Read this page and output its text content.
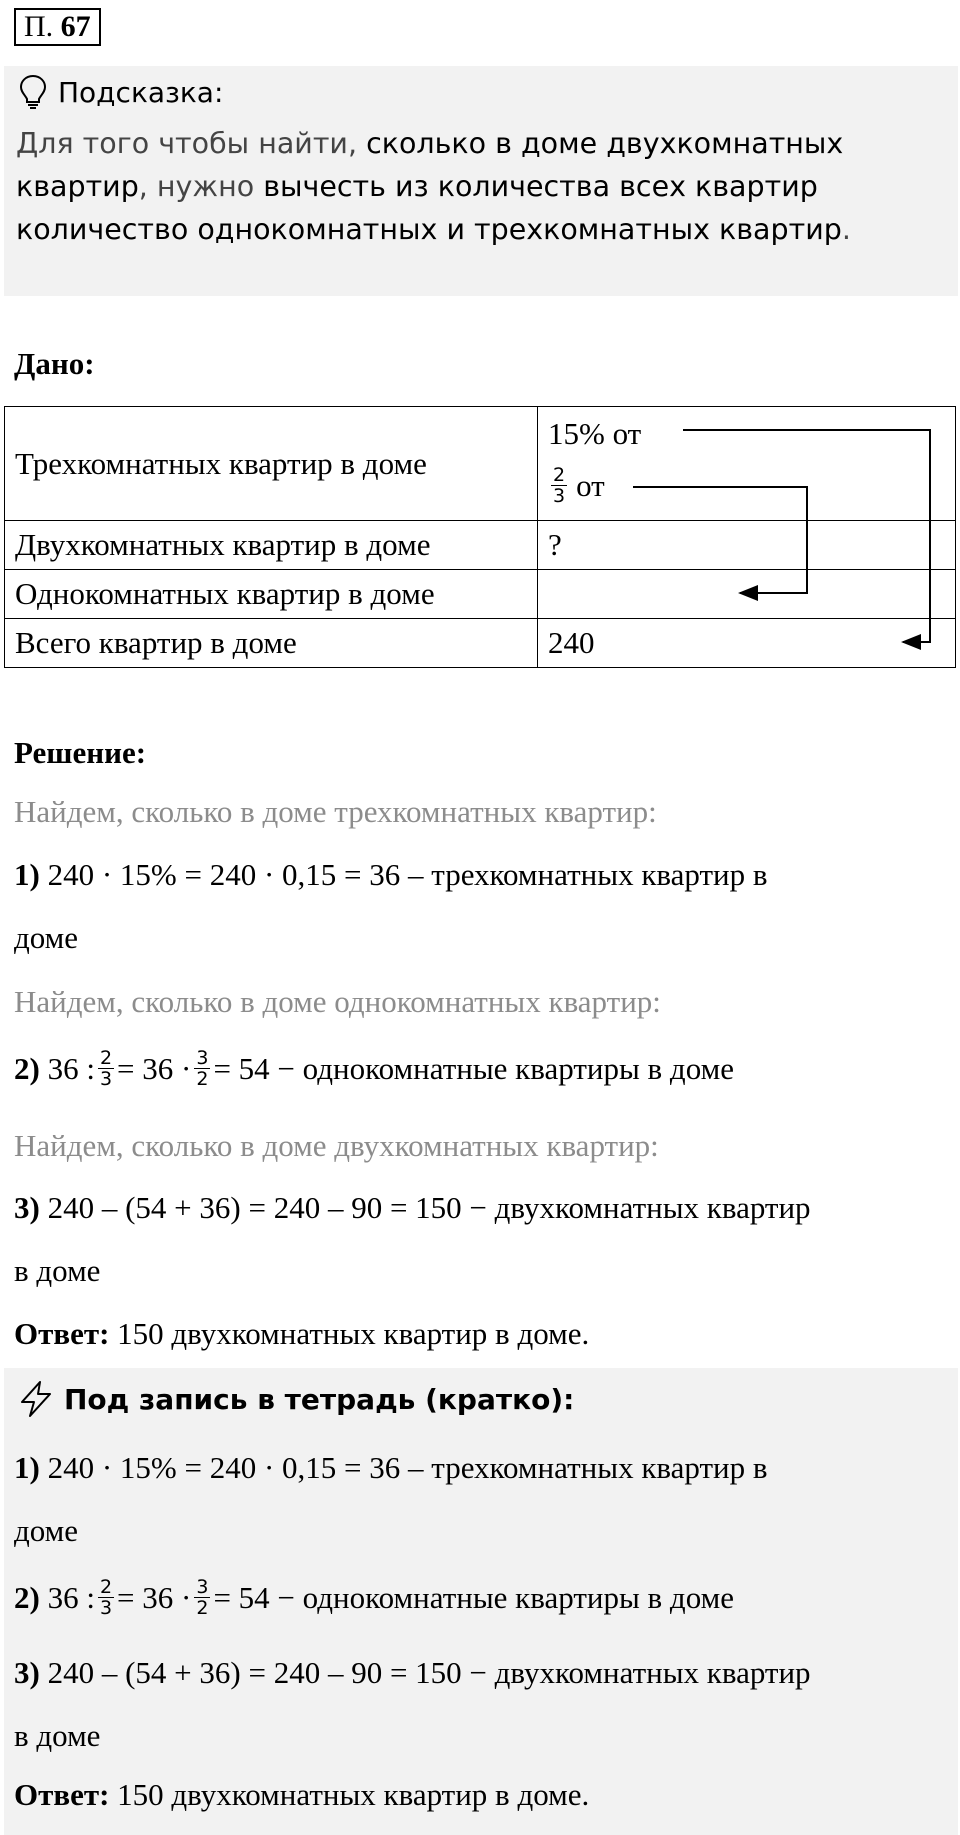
П. 67
Подсказка:
Для того чтобы найти, сколько в доме двухкомнатных квартир, нужно вычесть из количества всех квартир количество однокомнатных и трехкомнатных квартир.
Дано:
Трехкомнатных квартир в доме	15% от
$\frac{2}{3}$ от

Двухкомнатных квартир в доме	?
Однокомнатных квартир в доме	
Всего квартир в доме	240
Решение:
Найдем, сколько в доме трехкомнатных квартир:
1) 240 · 15% = 240 · 0,15 = 36 – трехкомнатных квартир в
доме
Найдем, сколько в доме однокомнатных квартир:
2) 36 : $\frac{2}{3} = 36 \cdot \frac{3}{2} = 54$ − однокомнатные квартиры в доме
Найдем, сколько в доме двухкомнатных квартир:
3) 240 – (54 + 36) = 240 – 90 = 150 − двухкомнатных квартир
в доме
Ответ: 150 двухкомнатных квартир в доме.
Под запись в тетрадь (кратко):
1) 240 · 15% = 240 · 0,15 = 36 – трехкомнатных квартир в
доме
2) 36 : $\frac{2}{3} = 36 \cdot \frac{3}{2} = 54$ − однокомнатные квартиры в доме
3) 240 – (54 + 36) = 240 – 90 = 150 − двухкомнатных квартир
в доме
Ответ: 150 двухкомнатных квартир в доме.
